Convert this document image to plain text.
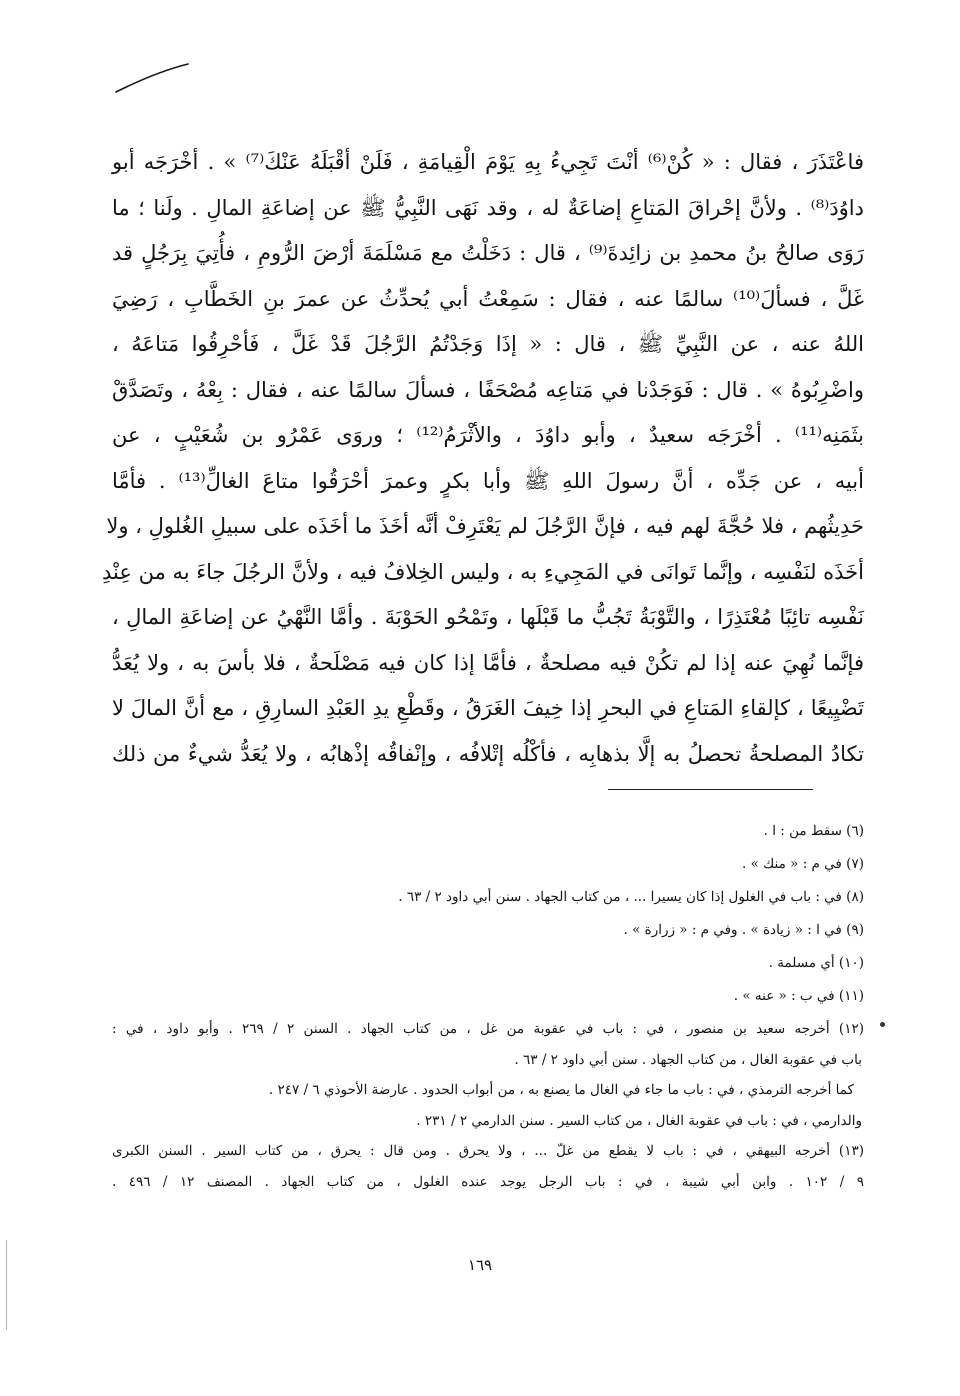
فاعْتَذَرَ ، فقال : « كُنْ⁽⁶⁾ أنْتَ تَجِيءُ بِهِ يَوْمَ الْقِيامَةِ ، فَلَنْ أقْبَلَهُ عَنْكَ⁽⁷⁾ » . أخْرَجَه أبو
داوُدَ⁽⁸⁾ . ولأنَّ إحْراقَ المَتاعِ إضاعَةٌ له ، وقد نَهَى النَّبِيُّ ﷺ عن إضاعَةِ المالِ . ولَنا ؛ ما
رَوَى صالحُ بنُ محمدِ بن زائِدةَ⁽⁹⁾ ، قال : دَخَلْتُ مع مَسْلَمَةَ أرْضَ الرُّومِ ، فأُتِيَ بِرَجُلٍ قد
غَلَّ ، فسألَ⁽¹⁰⁾ سالمًا عنه ، فقال : سَمِعْتُ أبي يُحدِّثُ عن عمرَ بنِ الخَطَّابِ ، رَضِيَ
اللهُ عنه ، عن النَّبِيِّ ﷺ ، قال : « إذَا وَجَدْتُمُ الرَّجُلَ قَدْ غَلَّ ، فَأحْرِقُوا مَتاعَهُ ،
واضْرِبُوهُ » . قال : فَوَجَدْنا في مَتاعِه مُصْحَفًا ، فسألَ سالمًا عنه ، فقال : بِعْهُ ، وتَصَدَّقْ
بثَمَنِه⁽¹¹⁾ . أخْرَجَه سعيدٌ ، وأبو داوُدَ ، والأثْرَمُ⁽¹²⁾ ؛ وروَى عَمْرُو بن شُعَيْبٍ ، عن
أبيه ، عن جَدِّه ، أنَّ رسولَ اللهِ ﷺ وأبا بكرٍ وعمرَ أحْرَقُوا متاعَ الغالِّ⁽¹³⁾ . فأمَّا
حَدِيثُهم ، فلا حُجَّةَ لهم فيه ، فإنَّ الرَّجُلَ لم يَعْتَرِفْ أنَّه أخَذَ ما أخَذَه على سبيلِ الغُلولِ ، ولا
أخَذَه لنَفْسِه ، وإنَّما تَوانَى في المَجِيءِ به ، وليس الخِلافُ فيه ، ولأنَّ الرجُلَ جاءَ به من عِنْدِ
نَفْسِه تائِبًا مُعْتَذِرًا ، والتَّوْبَةُ تَجُبُّ ما قَبْلَها ، وتَمْحُو الحَوْبَةَ . وأمَّا النَّهْيُ عن إضاعَةِ المالِ ،
فإنَّما نُهِيَ عنه إذا لم تكُنْ فيه مصلحةٌ ، فأمَّا إذا كان فيه مَصْلَحةٌ ، فلا بأسَ به ، ولا يُعَدُّ
تَضْيِيعًا ، كإلقاءِ المَتاعِ في البحرِ إذا خِيفَ الغَرَقُ ، وقَطْعِ يدِ العَبْدِ السارِقِ ، مع أنَّ المالَ لا
تكادُ المصلحةُ تحصلُ به إلَّا بذهابِه ، فأكْلُه إتْلافُه ، وإنْفاقُه إذْهابُه ، ولا يُعَدُّ شيءٌ من ذلك
(٦) سقط من : ا .
(٧) في م : « منك » .
(٨) في : باب في الغلول إذا كان يسيرا ... ، من كتاب الجهاد . سنن أبي داود ٢ / ٦٣ .
(٩) في ا : « زيادة » . وفي م : « زرارة » .
(١٠) أي مسلمة .
(١١) في ب : « عنه » .
(١٢) أخرجه سعيد بن منصور ، في : باب في عقوبة من غل ، من كتاب الجهاد . السنن ٢ / ٢٦٩ . وأبو داود ، في :
باب في عقوبة الغال ، من كتاب الجهاد . سنن أبي داود ٢ / ٦٣ .
كما أخرجه الترمذي ، في : باب ما جاء في الغال ما يصنع به ، من أبواب الحدود . عارضة الأحوذي ٦ / ٢٤٧ .
والدارمي ، في : باب في عقوبة الغال ، من كتاب السير . سنن الدارمي ٢ / ٢٣١ .
(١٣) أخرجه البيهقي ، في : باب لا يقطع من غلّ ... ، ولا يحرق . ومن قال : يحرق ، من كتاب السير . السنن الكبرى
٩ / ١٠٢ . وابن أبي شيبة ، في : باب الرجل يوجد عنده الغلول ، من كتاب الجهاد . المصنف ١٢ / ٤٩٦ .
١٦٩
